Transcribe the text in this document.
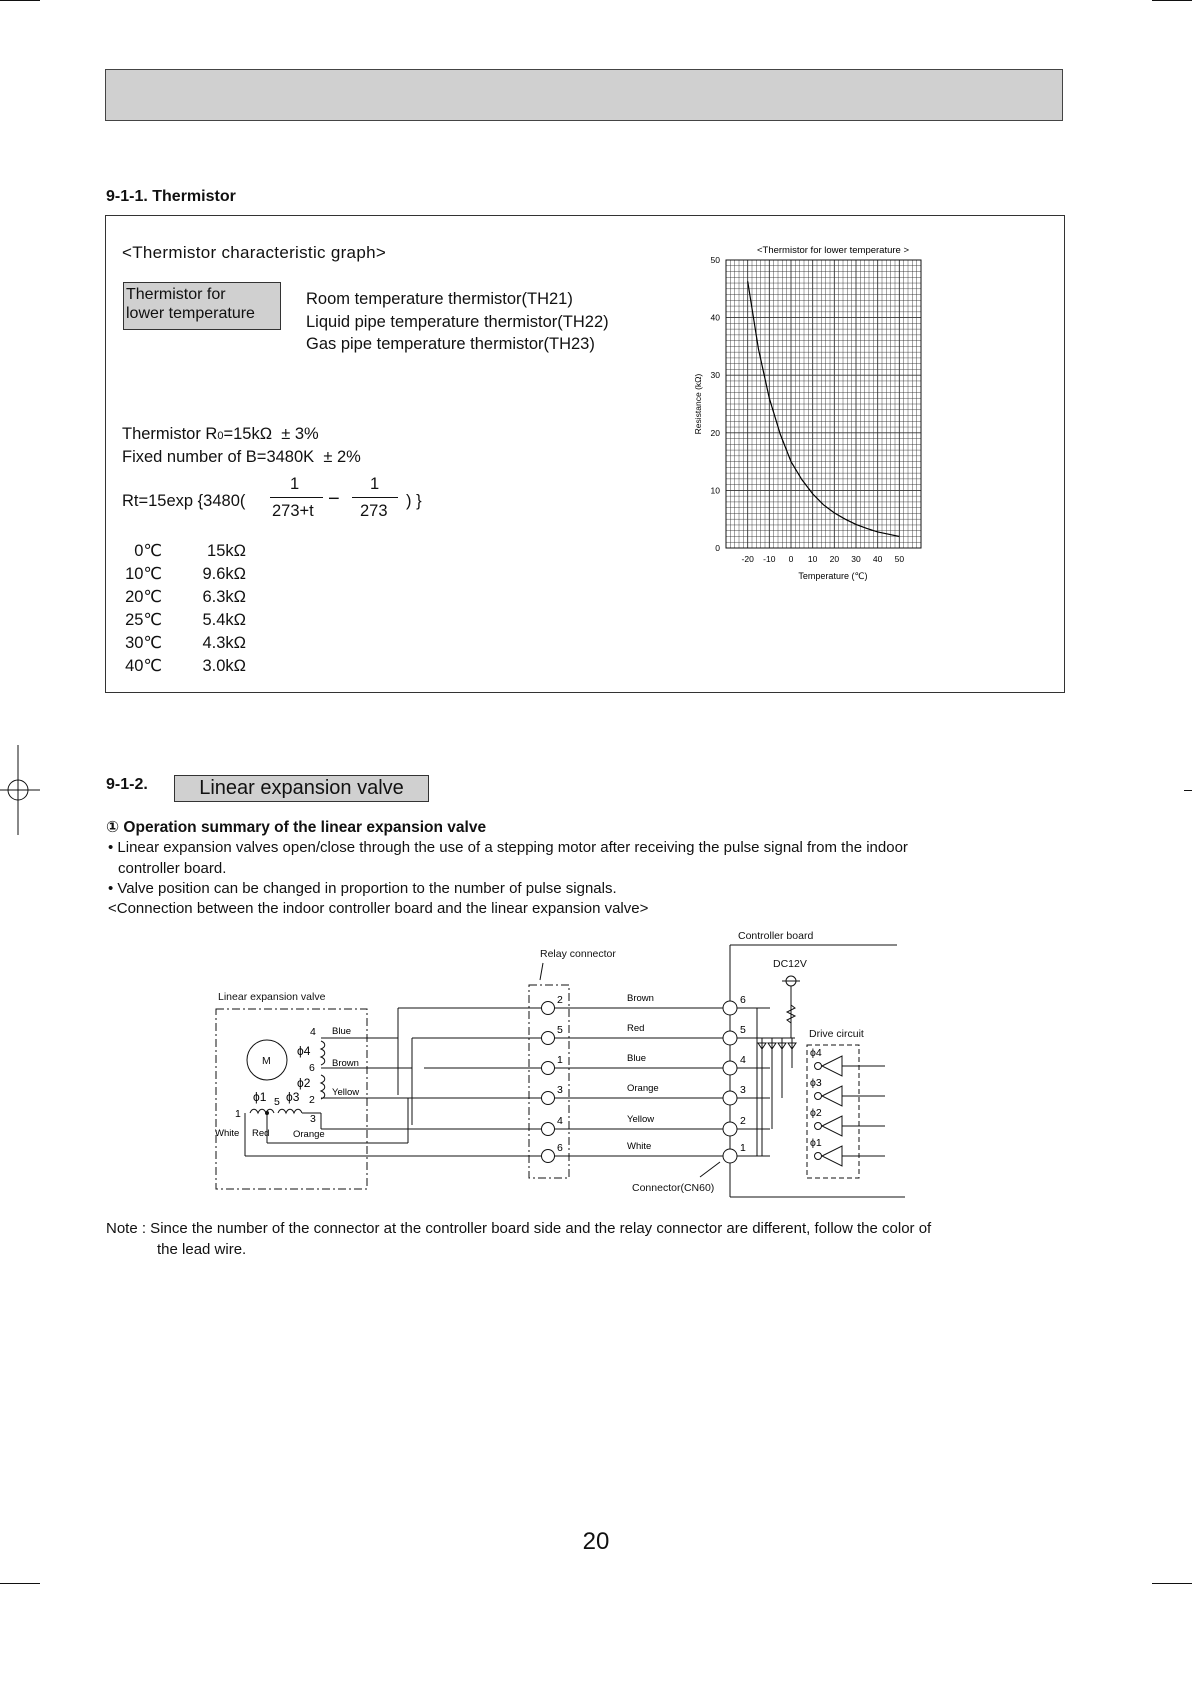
9-1-1. Thermistor
<Thermistor characteristic graph>
Thermistor for
lower temperature
Room temperature thermistor(TH21)
Liquid pipe temperature thermistor(TH22)
Gas pipe temperature thermistor(TH23)
Thermistor R0=15kΩ  ± 3%
Fixed number of B=3480K  ± 2%
Rt=15exp {3480(
1
273+t
−
1
273
) }
0℃	15kΩ
10℃ 9.6kΩ
20℃ 6.3kΩ
25℃ 5.4kΩ
30℃ 4.3kΩ
40℃ 3.0kΩ
<Thermistor for lower temperature >
-20 -10 0 10 20 30 40 50
0
10
20
30
40
50
Temperature (℃)
Resistance (kΩ)
9-1-2.	Linear expansion valve
① Operation summary of the linear expansion valve
• Linear expansion valves open/close through the use of a stepping motor after receiving the pulse signal from the indoor
controller board.
• Valve position can be changed in proportion to the number of pulse signals.
<Connection between the indoor controller board and the linear expansion valve>
Controller board
Relay connector
DC12V
Linear expansion valve
Drive circuit
Connector(CN60)
M
2	6
Brown
5	5
Red
1	4
Blue
3	3
Orange
4	2
Yellow
6	1
White
ϕ4
ϕ3
ϕ2
ϕ1
4
ϕ4
6
ϕ2
2
ϕ1 5 ϕ3
3
1
White Red
Blue
Brown
Yellow
Orange
Note : Since the number of the connector at the controller board side and the relay connector are different, follow the color of
the lead wire.
20
